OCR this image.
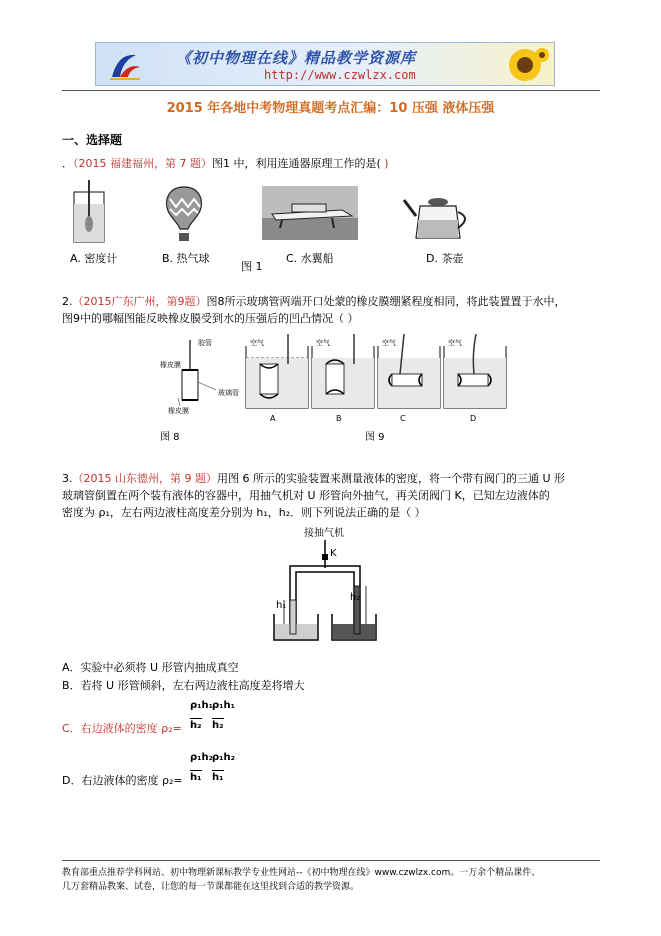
《初中物理在线》精品教学资源库
http://www.czwlzx.com
2015 年各地中考物理真题考点汇编：10 压强 液体压强
一、选择题
．（2015 福建福州，第 7 题）图1 中，利用连通器原理工作的是( )
A. 密度计	B. 热气球
图 1
C. 水翼船	D. 茶壶
2.（2015广东广州，第9题）图8所示玻璃管两端开口处蒙的橡皮膜绷紧程度相同，将此装置置于水中，
图9中的哪幅图能反映橡皮膜受到水的压强后的凹凸情况（ ）
胶管
橡皮膜
玻璃管
橡皮膜
图 8
空气	空气	空气	空气
A	B	C	D
图 9
3.（2015 山东德州，第 9 题）用图 6 所示的实验装置来测量液体的密度，将一个带有阀门的三通 U 形
玻璃管倒置在两个装有液体的容器中，用抽气机对 U 形管向外抽气，再关闭阀门 K，已知左边液体的
密度为 ρ₁，左右两边液柱高度差分别为 h₁，h₂．则下列说法正确的是（ ）
接抽气机
K
h₁
h₂
A．实验中必须将 U 形管内抽成真空
B．若将 U 形管倾斜，左右两边液柱高度差将增大
C．右边液体的密度 ρ₂=
ρ₁h₁
h₂
ρ₁h₁
h₂
D．右边液体的密度 ρ₂=
ρ₁h₂
h₁
ρ₁h₂
h₁
教育部重点推荐学科网站、初中物理新课标教学专业性网站--《初中物理在线》www.czwlzx.com。一万余个精品课件、
几万套精品教案、试卷，让您的每一节课都能在这里找到合适的教学资源。
